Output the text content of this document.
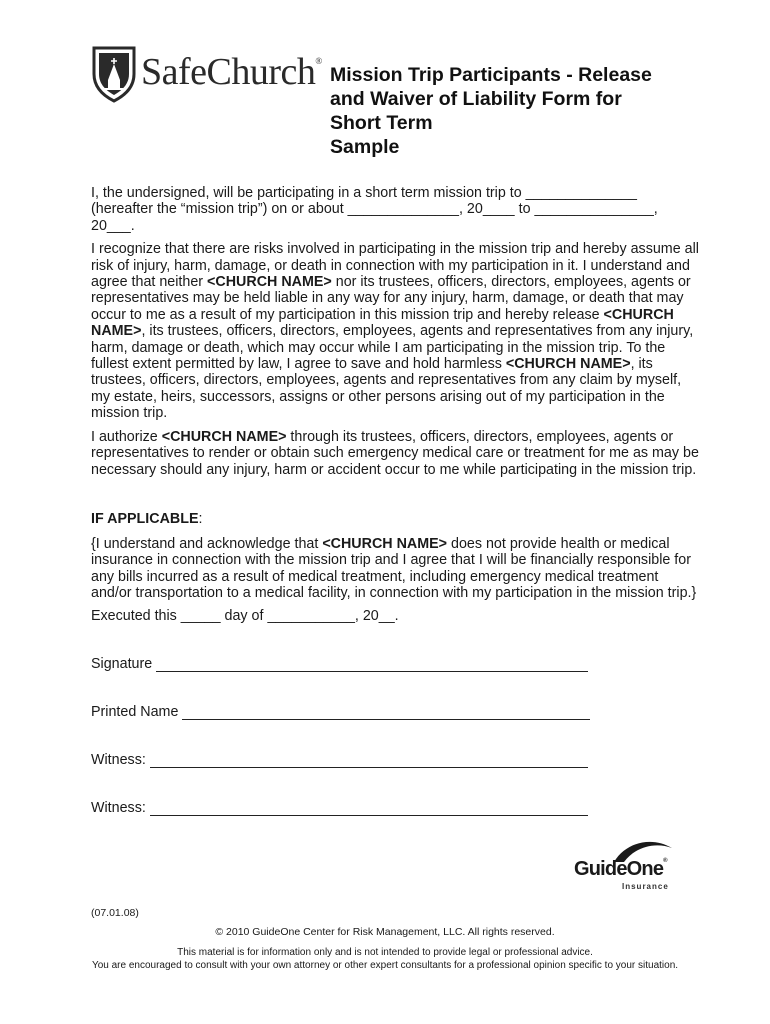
SafeChurch®
Mission Trip Participants - Release
and Waiver of Liability Form for
Short Term
Sample
I, the undersigned, will be participating in a short term mission trip to ______________
(hereafter the “mission trip”) on or about ______________, 20____ to _______________,
20___.
I recognize that there are risks involved in participating in the mission trip and hereby assume all
risk of injury, harm, damage, or death in connection with my participation in it. I understand and
agree that neither <CHURCH NAME> nor its trustees, officers, directors, employees, agents or
representatives may be held liable in any way for any injury, harm, damage, or death that may
occur to me as a result of my participation in this mission trip and hereby release <CHURCH
NAME>, its trustees, officers, directors, employees, agents and representatives from any injury,
harm, damage or death, which may occur while I am participating in the mission trip. To the
fullest extent permitted by law, I agree to save and hold harmless <CHURCH NAME>, its
trustees, officers, directors, employees, agents and representatives from any claim by myself,
my estate, heirs, successors, assigns or other persons arising out of my participation in the
mission trip.
I authorize <CHURCH NAME> through its trustees, officers, directors, employees, agents or
representatives to render or obtain such emergency medical care or treatment for me as may be
necessary should any injury, harm or accident occur to me while participating in the mission trip.
IF APPLICABLE:
{I understand and acknowledge that <CHURCH NAME> does not provide health or medical
insurance in connection with the mission trip and I agree that I will be financially responsible for
any bills incurred as a result of medical treatment, including emergency medical treatment
and/or transportation to a medical facility, in connection with my participation in the mission trip.}
Executed this _____ day of ___________, 20__.
Signature
Printed Name
Witness:
Witness:
GuideOne®
Insurance
(07.01.08)
© 2010 GuideOne Center for Risk Management, LLC. All rights reserved.
This material is for information only and is not intended to provide legal or professional advice.
You are encouraged to consult with your own attorney or other expert consultants for a professional opinion specific to your situation.
